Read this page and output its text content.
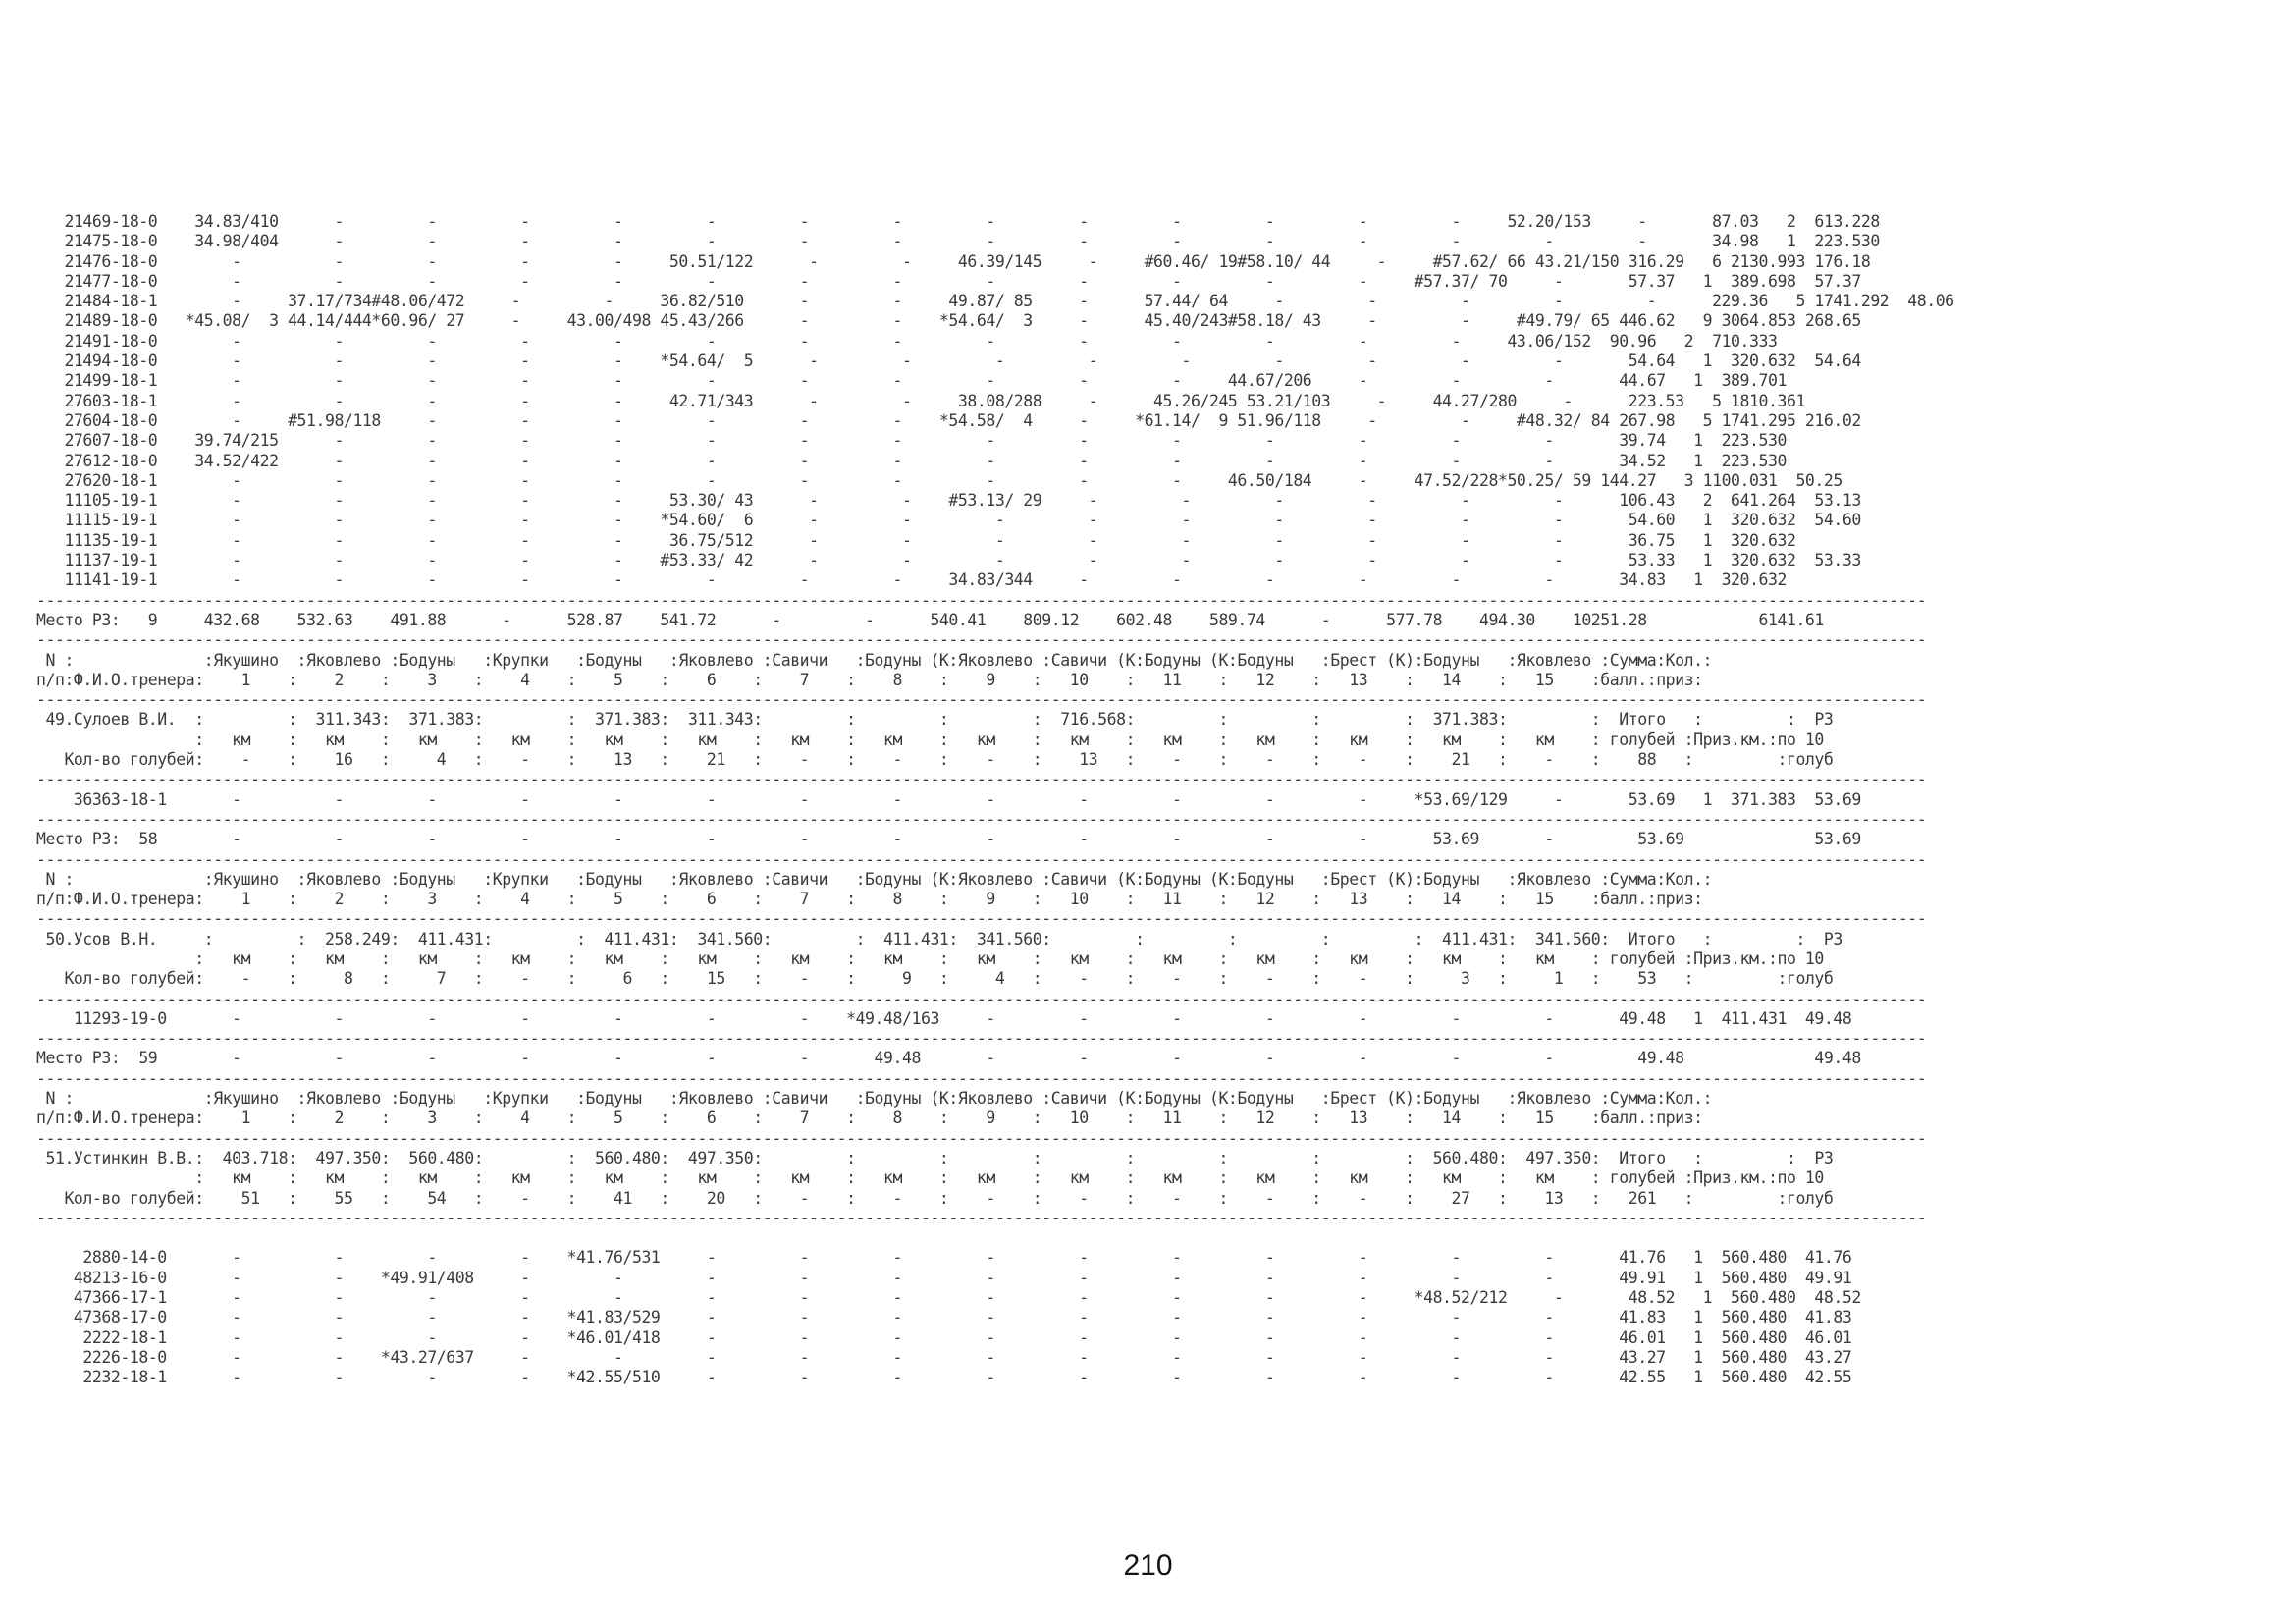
21469-18-0    34.83/410      -         -         -         -         -         -         -         -         -         -         -         -         -     52.20/153     -       87.03   2  613.228
21475-18-0    34.98/404      -         -         -         -         -         -         -         -         -         -         -         -         -         -         -       34.98   1  223.530
21476-18-0        -          -         -         -         -     50.51/122      -         -     46.39/145     -     #60.46/ 19#58.10/ 44     -     #57.62/ 66 43.21/150 316.29   6 2130.993 176.18
21477-18-0        -          -         -         -         -         -         -         -         -         -         -         -         -     #57.37/ 70     -       57.37   1  389.698  57.37
21484-18-1        -     37.17/734#48.06/472     -         -     36.82/510      -         -     49.87/ 85     -      57.44/ 64     -         -         -         -         -      229.36   5 1741.292  48.06
21489-18-0   *45.08/  3 44.14/444*60.96/ 27     -     43.00/498 45.43/266      -         -    *54.64/  3     -      45.40/243#58.18/ 43     -         -     #49.79/ 65 446.62   9 3064.853 268.65
21491-18-0        -          -         -         -         -         -         -         -         -         -         -         -         -         -     43.06/152  90.96   2  710.333
21494-18-0        -          -         -         -         -    *54.64/  5      -         -         -         -         -         -         -         -         -       54.64   1  320.632  54.64
21499-18-1        -          -         -         -         -         -         -         -         -         -         -     44.67/206     -         -         -       44.67   1  389.701
27603-18-1        -          -         -         -         -     42.71/343      -         -     38.08/288     -      45.26/245 53.21/103     -     44.27/280     -      223.53   5 1810.361
27604-18-0        -     #51.98/118     -         -         -         -         -         -    *54.58/  4     -     *61.14/  9 51.96/118     -         -     #48.32/ 84 267.98   5 1741.295 216.02
27607-18-0    39.74/215      -         -         -         -         -         -         -         -         -         -         -         -         -         -       39.74   1  223.530
27612-18-0    34.52/422      -         -         -         -         -         -         -         -         -         -         -         -         -         -       34.52   1  223.530
27620-18-1        -          -         -         -         -         -         -         -         -         -         -     46.50/184     -     47.52/228*50.25/ 59 144.27   3 1100.031  50.25
11105-19-1        -          -         -         -         -     53.30/ 43      -         -    #53.13/ 29     -         -         -         -         -         -      106.43   2  641.264  53.13
11115-19-1        -          -         -         -         -    *54.60/  6      -         -         -         -         -         -         -         -         -       54.60   1  320.632  54.60
11135-19-1        -          -         -         -         -     36.75/512      -         -         -         -         -         -         -         -         -       36.75   1  320.632
11137-19-1        -          -         -         -         -    #53.33/ 42      -         -         -         -         -         -         -         -         -       53.33   1  320.632  53.33
11141-19-1        -          -         -         -         -         -         -         -     34.83/344     -         -         -         -         -         -       34.83   1  320.632
-----------------------------------------------------------------------------------------------------------------------------------------------------------------------------------------------------------
Место РЗ:   9     432.68    532.63    491.88      -      528.87    541.72      -         -      540.41    809.12    602.48    589.74      -      577.78    494.30    10251.28            6141.61
-----------------------------------------------------------------------------------------------------------------------------------------------------------------------------------------------------------
N :              :Якушино  :Яковлево :Бодуны   :Крупки   :Бодуны   :Яковлево :Савичи   :Бодуны (К:Яковлево :Савичи (К:Бодуны (К:Бодуны   :Брест (К):Бодуны   :Яковлево :Сумма:Кол.:
п/п:Ф.И.О.тренера:    1    :    2    :    3    :    4    :    5    :    6    :    7    :    8    :    9    :   10    :   11    :   12    :   13    :   14    :   15    :балл.:приз:
-----------------------------------------------------------------------------------------------------------------------------------------------------------------------------------------------------------
49.Сулоев В.И.  :         :  311.343:  371.383:         :  371.383:  311.343:         :         :         :  716.568:         :         :         :  371.383:         :  Итого   :         :  РЗ
:   км    :   км    :   км    :   км    :   км    :   км    :   км    :   км    :   км    :   км    :   км    :   км    :   км    :   км    :   км    : голубей :Приз.км.:по 10
Кол-во голубей:    -    :    16   :     4   :    -    :    13   :    21   :    -    :    -    :    -    :    13   :    -    :    -    :    -    :    21   :    -    :    88   :         :голуб
-----------------------------------------------------------------------------------------------------------------------------------------------------------------------------------------------------------
36363-18-1       -          -         -         -         -         -         -         -         -         -         -         -         -     *53.69/129     -       53.69   1  371.383  53.69
-----------------------------------------------------------------------------------------------------------------------------------------------------------------------------------------------------------
Место РЗ:  58        -          -         -         -         -         -         -         -         -         -         -         -         -       53.69       -         53.69              53.69
-----------------------------------------------------------------------------------------------------------------------------------------------------------------------------------------------------------
N :              :Якушино  :Яковлево :Бодуны   :Крупки   :Бодуны   :Яковлево :Савичи   :Бодуны (К:Яковлево :Савичи (К:Бодуны (К:Бодуны   :Брест (К):Бодуны   :Яковлево :Сумма:Кол.:
п/п:Ф.И.О.тренера:    1    :    2    :    3    :    4    :    5    :    6    :    7    :    8    :    9    :   10    :   11    :   12    :   13    :   14    :   15    :балл.:приз:
-----------------------------------------------------------------------------------------------------------------------------------------------------------------------------------------------------------
50.Усов В.Н.     :         :  258.249:  411.431:         :  411.431:  341.560:         :  411.431:  341.560:         :         :         :         :  411.431:  341.560:  Итого   :         :  РЗ
:   км    :   км    :   км    :   км    :   км    :   км    :   км    :   км    :   км    :   км    :   км    :   км    :   км    :   км    :   км    : голубей :Приз.км.:по 10
Кол-во голубей:    -    :     8   :     7   :    -    :     6   :    15   :    -    :     9   :     4   :    -    :    -    :    -    :    -    :     3   :     1   :    53   :         :голуб
-----------------------------------------------------------------------------------------------------------------------------------------------------------------------------------------------------------
11293-19-0       -          -         -         -         -         -         -    *49.48/163     -         -         -         -         -         -         -       49.48   1  411.431  49.48
-----------------------------------------------------------------------------------------------------------------------------------------------------------------------------------------------------------
Место РЗ:  59        -          -         -         -         -         -         -       49.48       -         -         -         -         -         -         -         49.48              49.48
-----------------------------------------------------------------------------------------------------------------------------------------------------------------------------------------------------------
N :              :Якушино  :Яковлево :Бодуны   :Крупки   :Бодуны   :Яковлево :Савичи   :Бодуны (К:Яковлево :Савичи (К:Бодуны (К:Бодуны   :Брест (К):Бодуны   :Яковлево :Сумма:Кол.:
п/п:Ф.И.О.тренера:    1    :    2    :    3    :    4    :    5    :    6    :    7    :    8    :    9    :   10    :   11    :   12    :   13    :   14    :   15    :балл.:приз:
-----------------------------------------------------------------------------------------------------------------------------------------------------------------------------------------------------------
51.Устинкин В.В.:  403.718:  497.350:  560.480:         :  560.480:  497.350:         :         :         :         :         :         :         :  560.480:  497.350:  Итого   :         :  РЗ
:   км    :   км    :   км    :   км    :   км    :   км    :   км    :   км    :   км    :   км    :   км    :   км    :   км    :   км    :   км    : голубей :Приз.км.:по 10
Кол-во голубей:    51   :    55   :    54   :    -    :    41   :    20   :    -    :    -    :    -    :    -    :    -    :    -    :    -    :    27   :    13   :   261   :         :голуб
-----------------------------------------------------------------------------------------------------------------------------------------------------------------------------------------------------------
2880-14-0       -          -         -         -    *41.76/531     -         -         -         -         -         -         -         -         -         -       41.76   1  560.480  41.76
48213-16-0       -          -    *49.91/408     -         -         -         -         -         -         -         -         -         -         -         -       49.91   1  560.480  49.91
47366-17-1       -          -         -         -         -         -         -         -         -         -         -         -         -     *48.52/212     -       48.52   1  560.480  48.52
47368-17-0       -          -         -         -    *41.83/529     -         -         -         -         -         -         -         -         -         -       41.83   1  560.480  41.83
2222-18-1       -          -         -         -    *46.01/418     -         -         -         -         -         -         -         -         -         -       46.01   1  560.480  46.01
2226-18-0       -          -    *43.27/637     -         -         -         -         -         -         -         -         -         -         -         -       43.27   1  560.480  43.27
2232-18-1       -          -         -         -    *42.55/510     -         -         -         -         -         -         -         -         -         -       42.55   1  560.480  42.55
210
